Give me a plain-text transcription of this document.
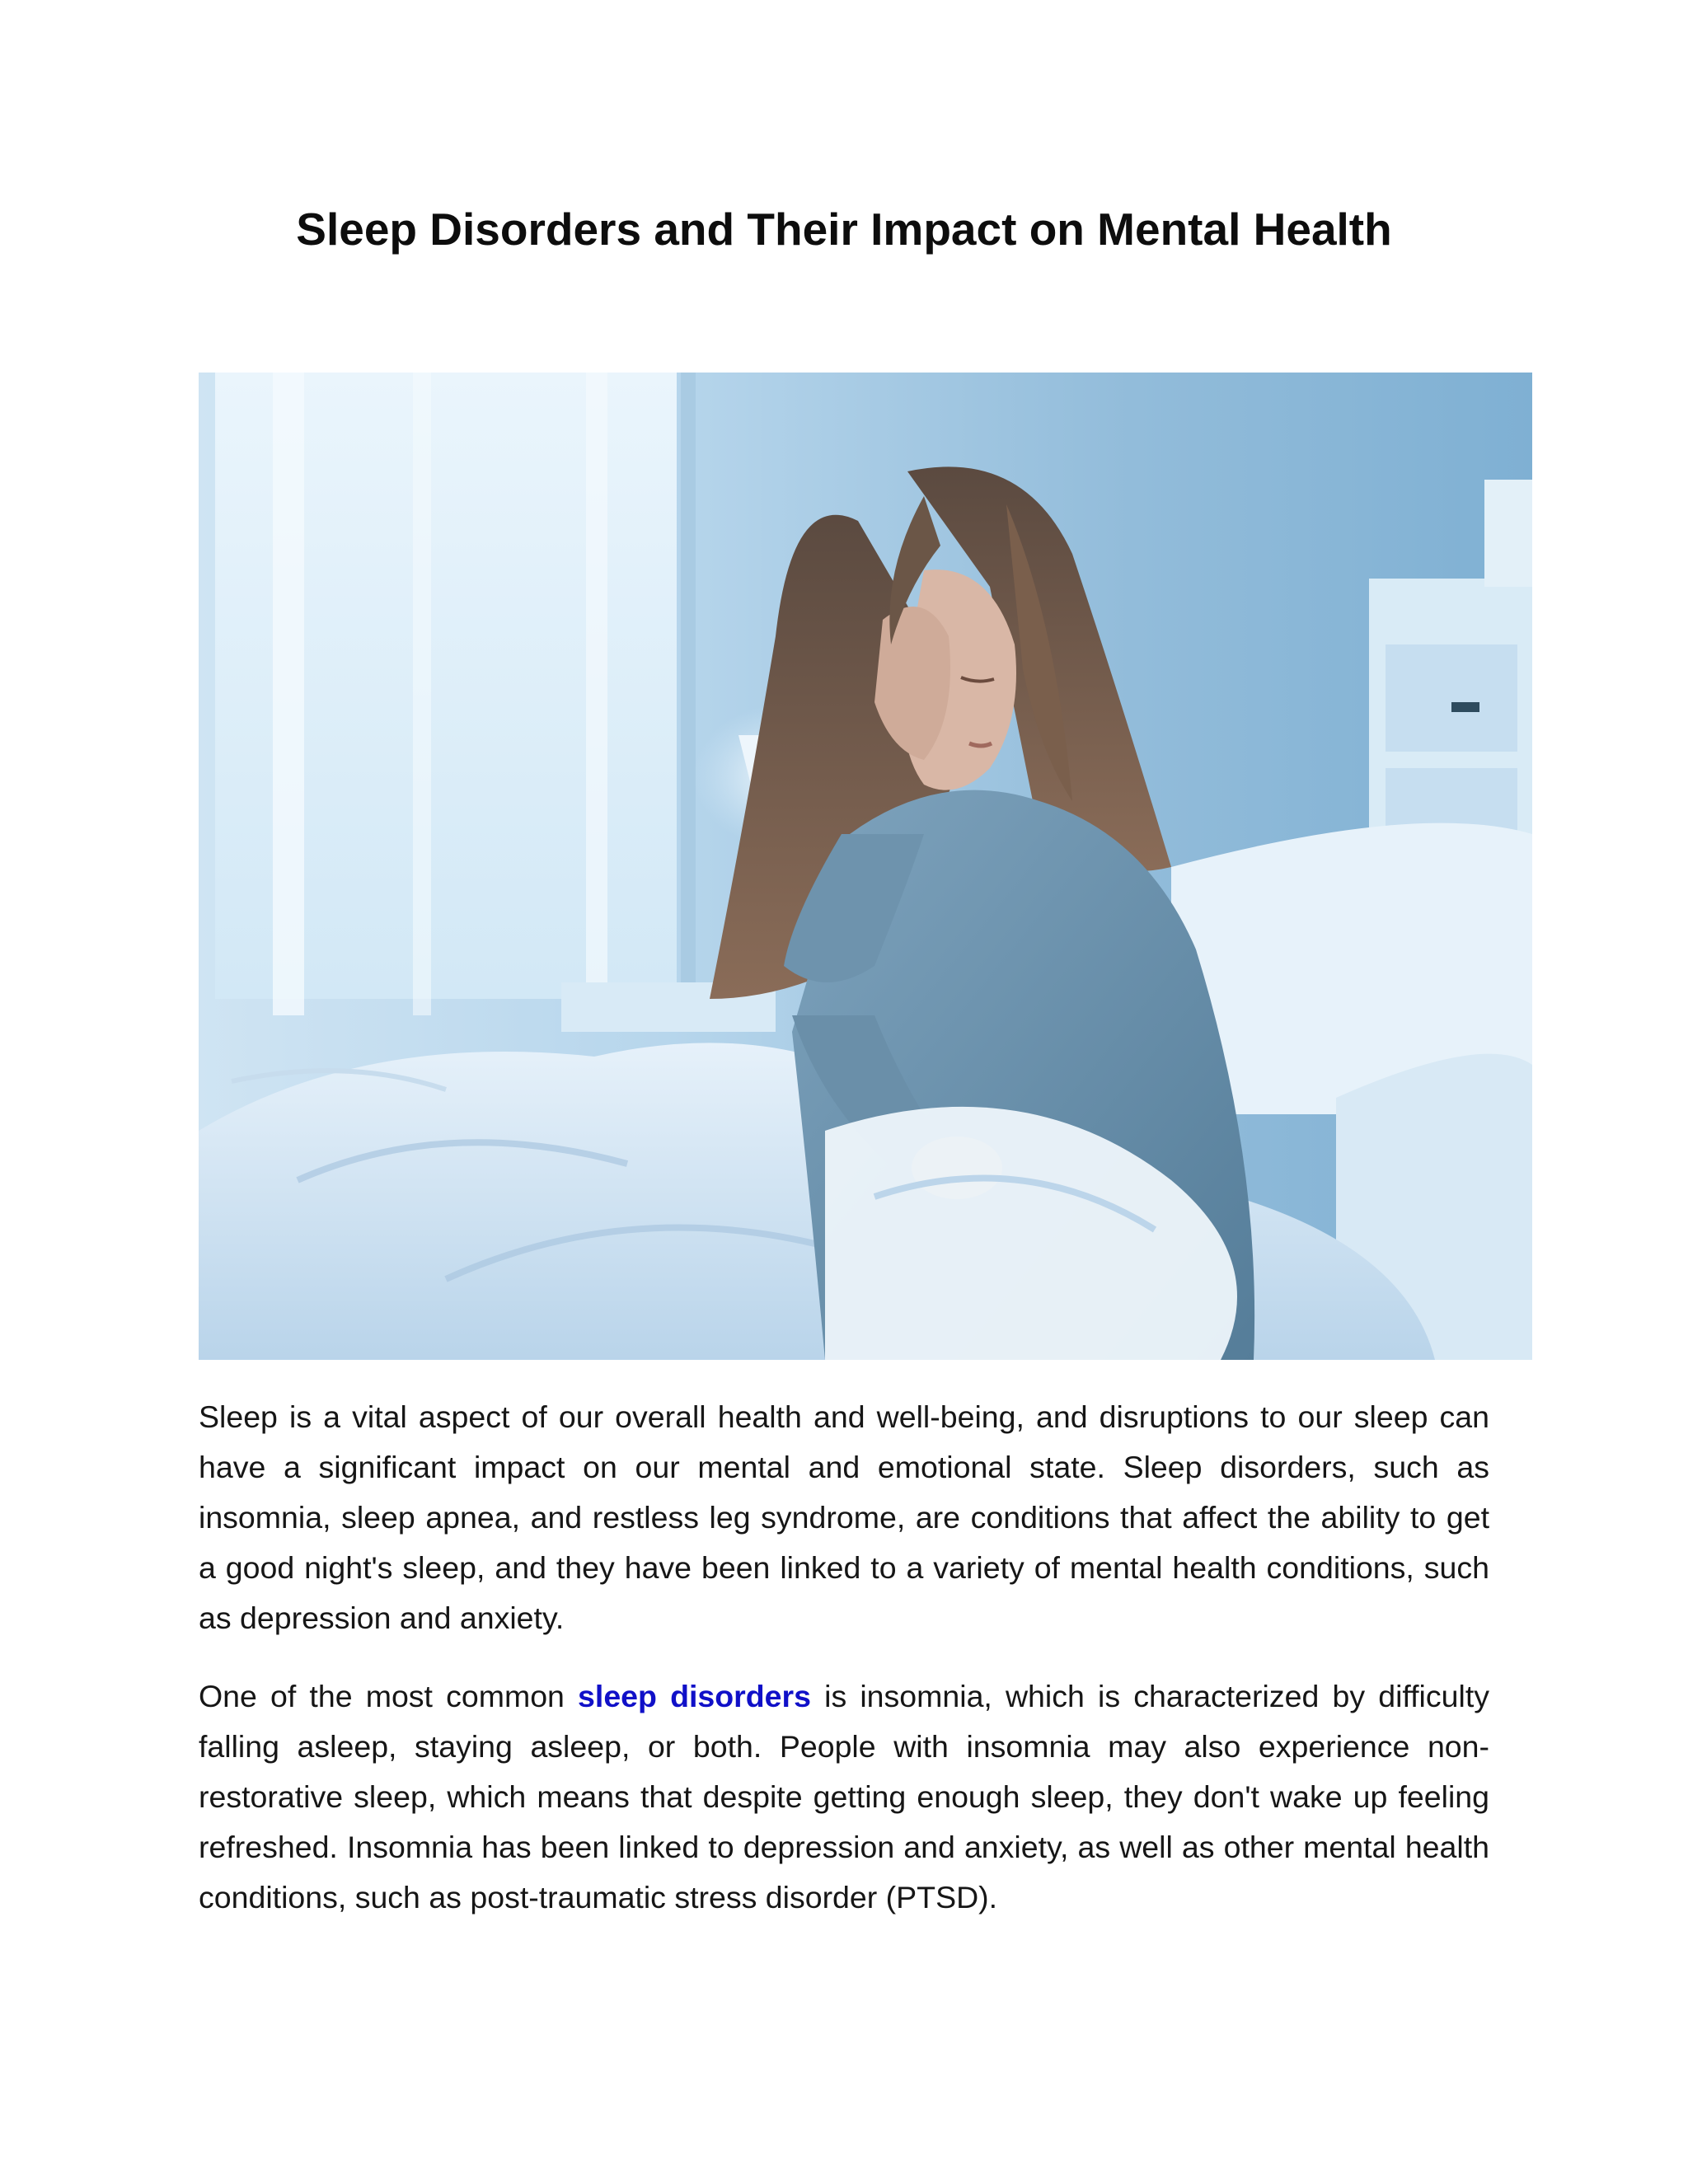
Sleep Disorders and Their Impact on Mental Health

Sleep is a vital aspect of our overall health and well-being, and disruptions to our sleep can have a significant impact on our mental and emotional state. Sleep disorders, such as insomnia, sleep apnea, and restless leg syndrome, are conditions that affect the ability to get a good night's sleep, and they have been linked to a variety of mental health conditions, such as depression and anxiety.

One of the most common sleep disorders is insomnia, which is characterized by difficulty falling asleep, staying asleep, or both. People with insomnia may also experience non-restorative sleep, which means that despite getting enough sleep, they don't wake up feeling refreshed. Insomnia has been linked to depression and anxiety, as well as other mental health conditions, such as post-traumatic stress disorder (PTSD).
